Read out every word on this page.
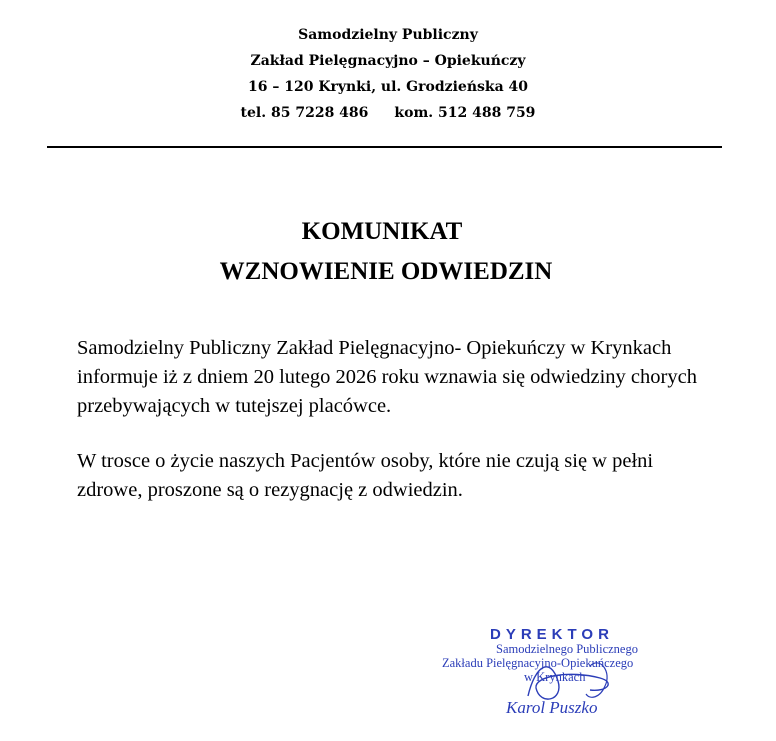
Samodzielny Publiczny
Zakład Pielęgnacyjno – Opiekuńczy
16 – 120 Krynki, ul. Grodzieńska 40
tel. 85 7228 486 kom. 512 488 759
KOMUNIKAT
WZNOWIENIE ODWIEDZIN
Samodzielny Publiczny Zakład Pielęgnacyjno- Opiekuńczy w Krynkach informuje iż z dniem 20 lutego 2026 roku wznawia się odwiedziny chorych przebywających w tutejszej placówce.
W trosce o życie naszych Pacjentów osoby, które nie czują się w pełni zdrowe, proszone są o rezygnację z odwiedzin.
DYREKTOR
Samodzielnego Publicznego
Zakładu Pielęgnacyjno-Opiekuńczego
w Krynkach
Karol Puszko
